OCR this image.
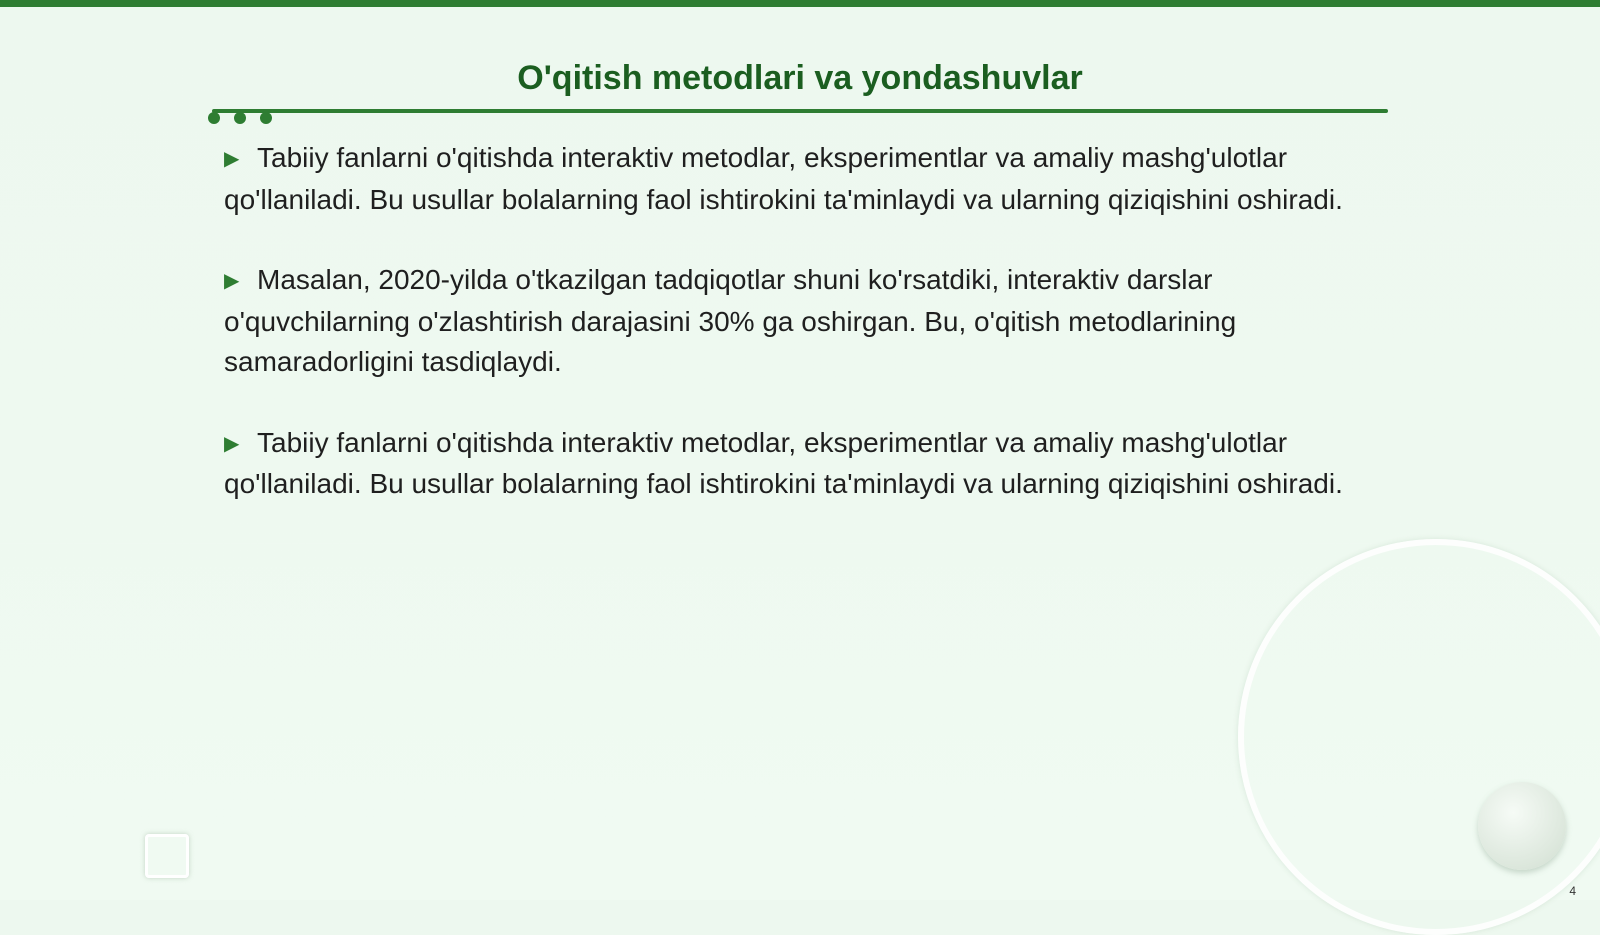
O'qitish metodlari va yondashuvlar

▶ Tabiiy fanlarni o'qitishda interaktiv metodlar, eksperimentlar va amaliy mashg'ulotlar qo'llaniladi. Bu usullar bolalarning faol ishtirokini ta'minlaydi va ularning qiziqishini oshiradi.

▶ Masalan, 2020-yilda o'tkazilgan tadqiqotlar shuni ko'rsatdiki, interaktiv darslar o'quvchilarning o'zlashtirish darajasini 30% ga oshirgan. Bu, o'qitish metodlarining samaradorligini tasdiqlaydi.

▶ Tabiiy fanlarni o'qitishda interaktiv metodlar, eksperimentlar va amaliy mashg'ulotlar qo'llaniladi. Bu usullar bolalarning faol ishtirokini ta'minlaydi va ularning qiziqishini oshiradi.

4
